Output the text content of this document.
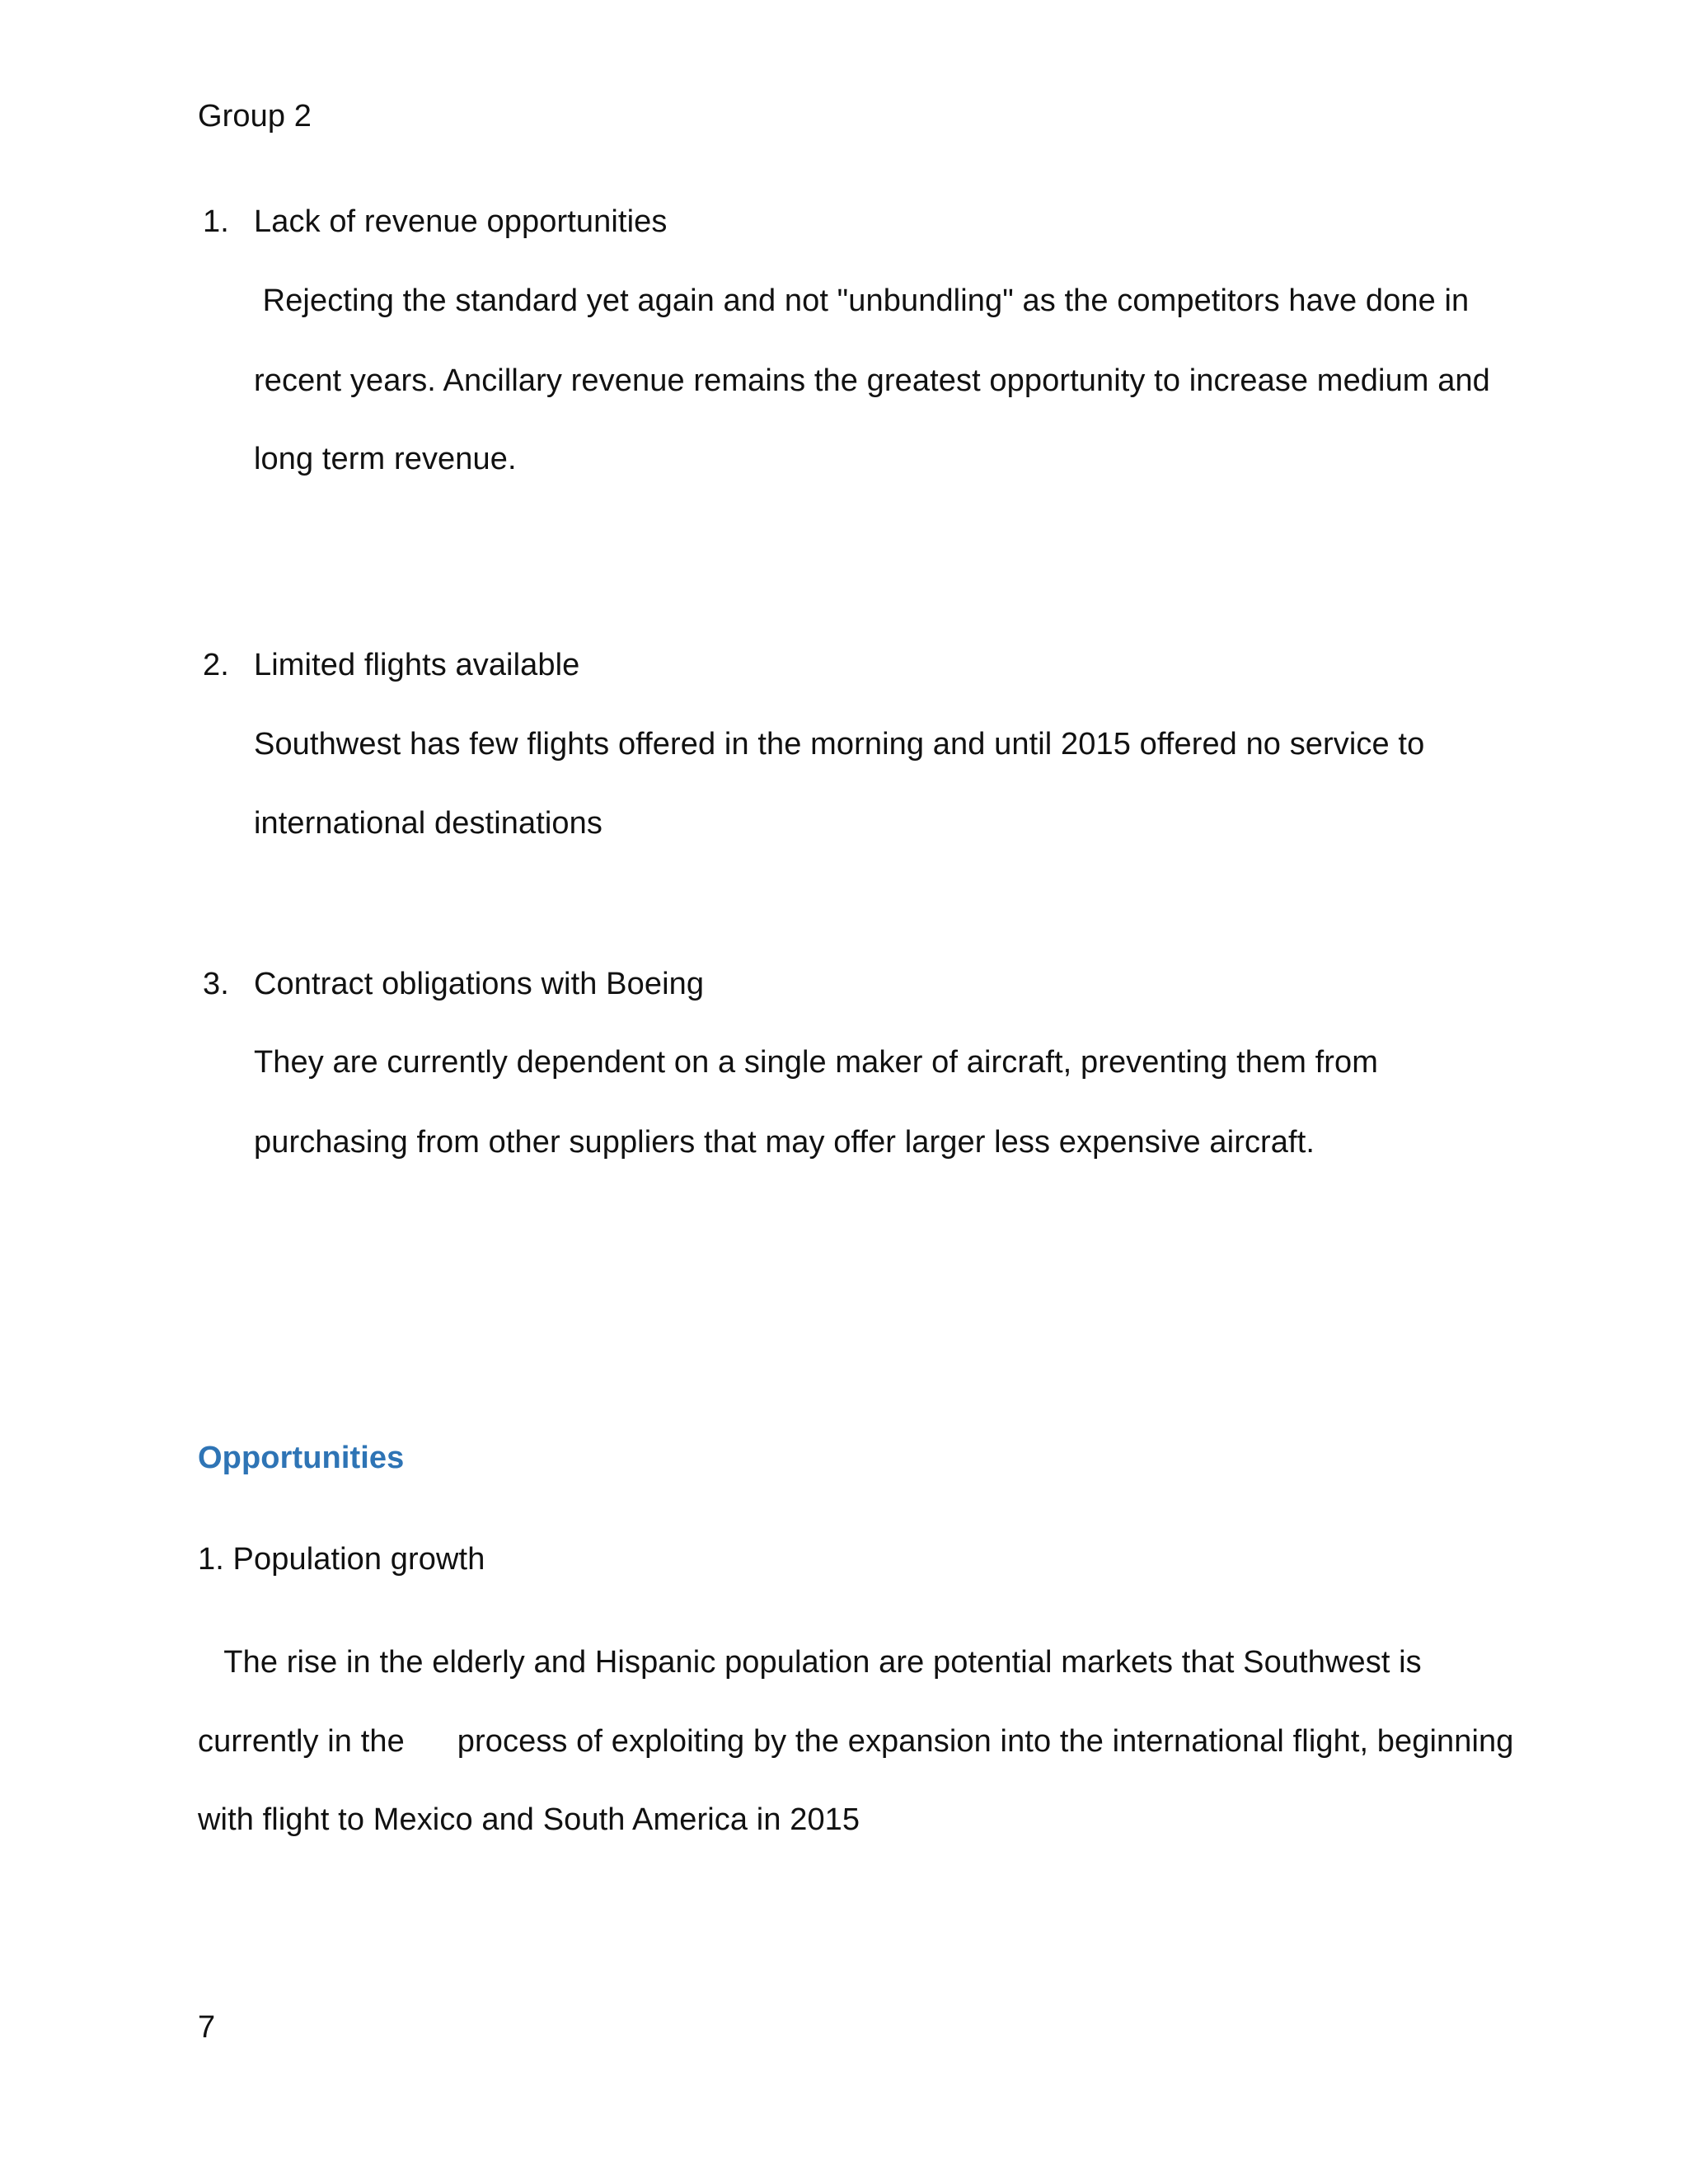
Group 2
1. Lack of revenue opportunities
Rejecting the standard yet again and not "unbundling" as the competitors have done in
recent years. Ancillary revenue remains the greatest opportunity to increase medium and
long term revenue.
2. Limited flights available
Southwest has few flights offered in the morning and until 2015 offered no service to
international destinations
3. Contract obligations with Boeing
They are currently dependent on a single maker of aircraft, preventing them from
purchasing from other suppliers that may offer larger less expensive aircraft.
Opportunities
1. Population growth
The rise in the elderly and Hispanic population are potential markets that Southwest is
currently in the      process of exploiting by the expansion into the international flight, beginning
with flight to Mexico and South America in 2015
7
